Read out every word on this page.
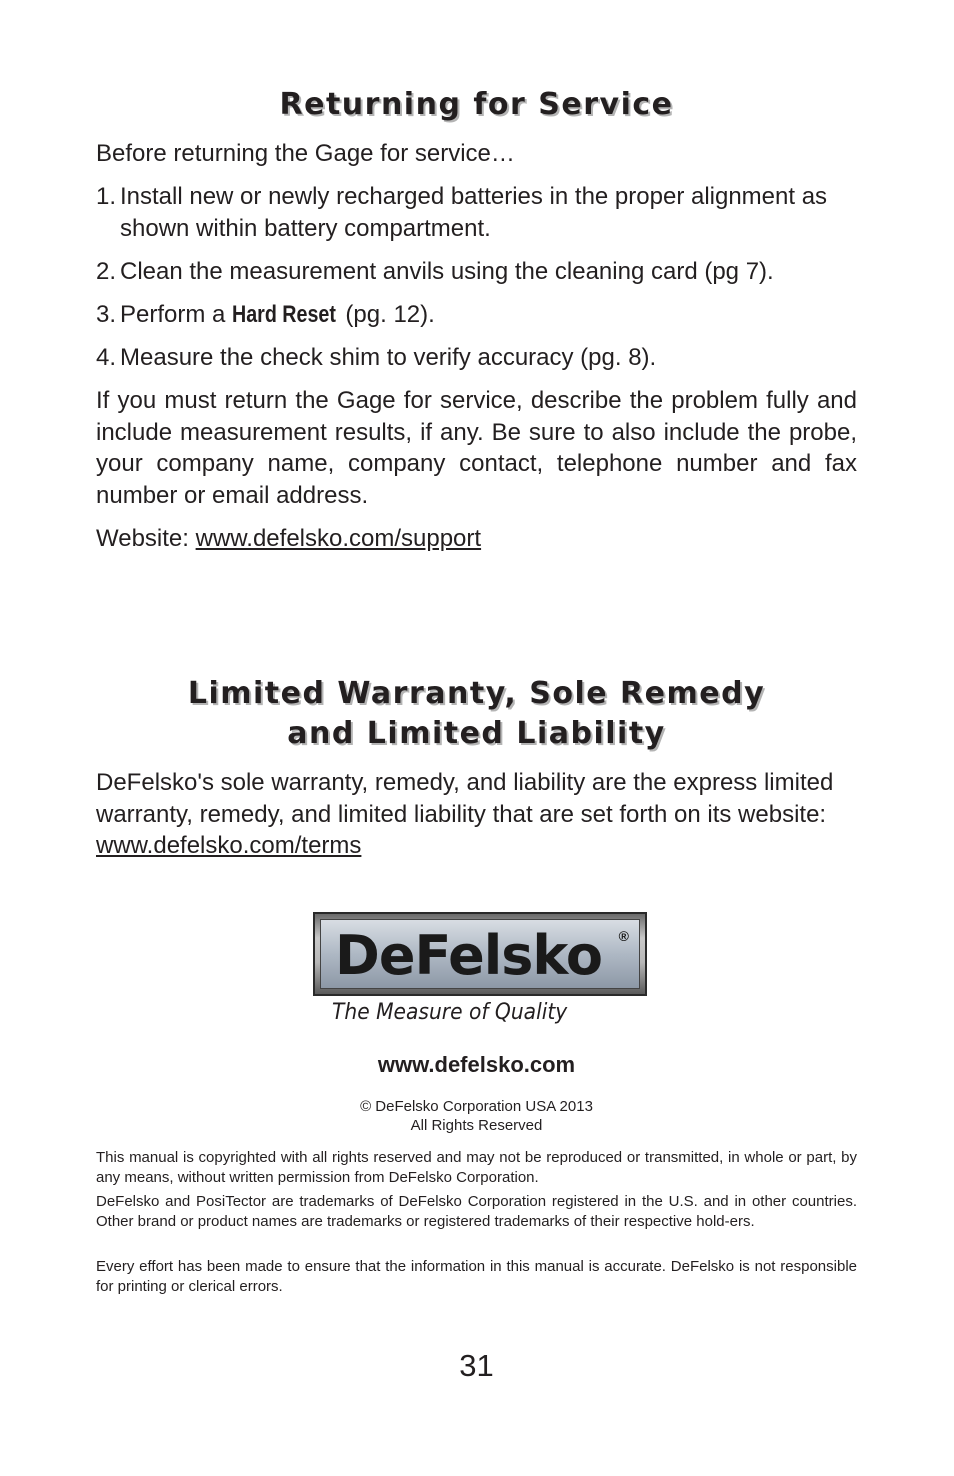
Returning for Service

Before returning the Gage for service…

1. Install new or newly recharged batteries in the proper alignment as shown within battery compartment.
2. Clean the measurement anvils using the cleaning card (pg 7).
3. Perform a Hard Reset (pg. 12).
4. Measure the check shim to verify accuracy (pg. 8).

If you must return the Gage for service, describe the problem fully and include measurement results, if any. Be sure to also include the probe, your company name, company contact, telephone number and fax number or email address.

Website: www.defelsko.com/support

Limited Warranty, Sole Remedy
and Limited Liability

DeFelsko's sole warranty, remedy, and liability are the express limited warranty, remedy, and limited liability that are set forth on its website: www.defelsko.com/terms

DeFelsko ®
The Measure of Quality
www.defelsko.com
© DeFelsko Corporation USA 2013
All Rights Reserved

This manual is copyrighted with all rights reserved and may not be reproduced or transmitted, in whole or part, by any means, without written permission from DeFelsko Corporation.

DeFelsko and PosiTector are trademarks of DeFelsko Corporation registered in the U.S. and in other countries. Other brand or product names are trademarks or registered trademarks of their respective hold-ers.

Every effort has been made to ensure that the information in this manual is accurate. DeFelsko is not responsible for printing or clerical errors.

31
